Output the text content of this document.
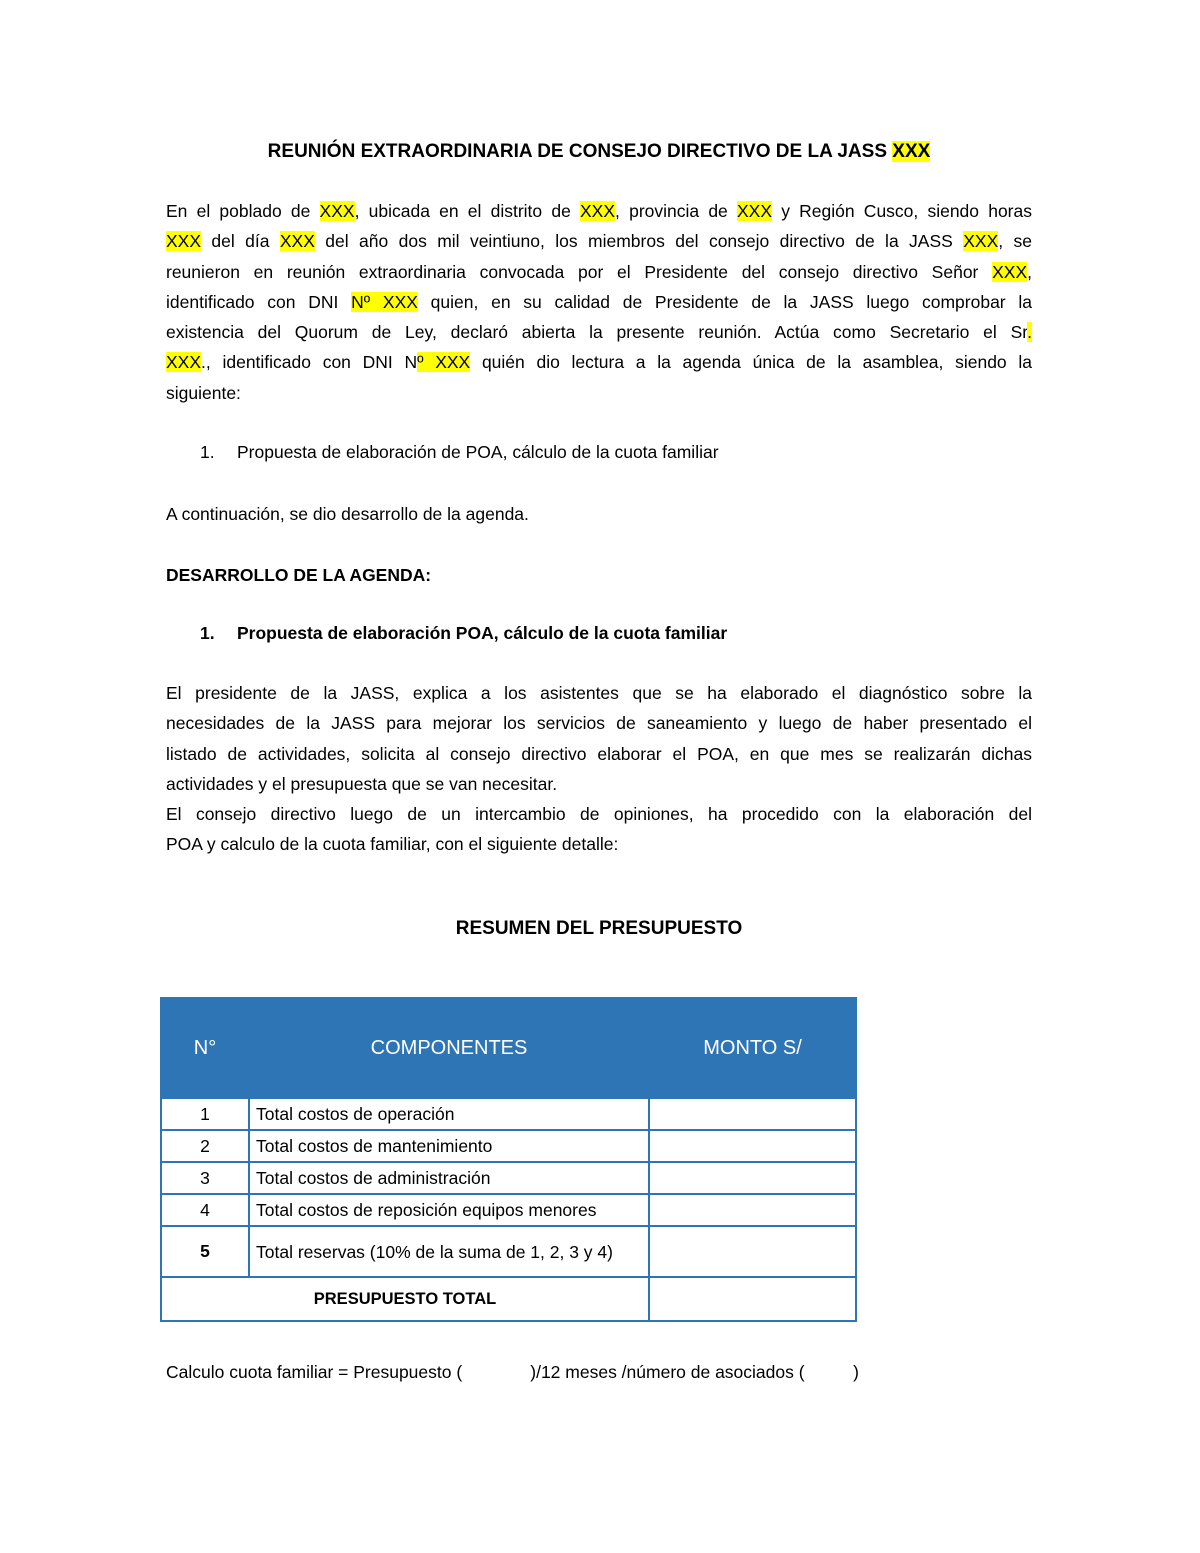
REUNIÓN EXTRAORDINARIA DE CONSEJO DIRECTIVO DE LA JASS XXX
En el poblado de XXX, ubicada en el distrito de XXX, provincia de XXX y Región Cusco, siendo horas
XXX del día XXX del año dos mil veintiuno, los miembros del consejo directivo de la JASS XXX, se
reunieron en reunión extraordinaria convocada por el Presidente del consejo directivo Señor XXX,
identificado con DNI Nº XXX quien, en su calidad de Presidente de la JASS luego comprobar la
existencia del Quorum de Ley, declaró abierta la presente reunión. Actúa como Secretario el Sr.
XXX., identificado con DNI Nº XXX quién dio lectura a la agenda única de la asamblea, siendo la
siguiente:
1. Propuesta de elaboración de POA, cálculo de la cuota familiar
A continuación, se dio desarrollo de la agenda.
DESARROLLO DE LA AGENDA:
1. Propuesta de elaboración POA, cálculo de la cuota familiar
El presidente de la JASS, explica a los asistentes que se ha elaborado el diagnóstico sobre la
necesidades de la JASS para mejorar los servicios de saneamiento y luego de haber presentado el
listado de actividades, solicita al consejo directivo elaborar el POA, en que mes se realizarán dichas
actividades y el presupuesta que se van necesitar.
El consejo directivo luego de un intercambio de opiniones, ha procedido con la elaboración del
POA y calculo de la cuota familiar, con el siguiente detalle:
RESUMEN DEL PRESUPUESTO
N°	COMPONENTES	MONTO S/
1	Total costos de operación	
2	Total costos de mantenimiento	
3	Total costos de administración	
4	Total costos de reposición equipos menores	
5	Total reservas (10% de la suma de 1, 2, 3 y 4)	
PRESUPUESTO TOTAL		
Calculo cuota familiar = Presupuesto (              )/12 meses /número de asociados (          )
